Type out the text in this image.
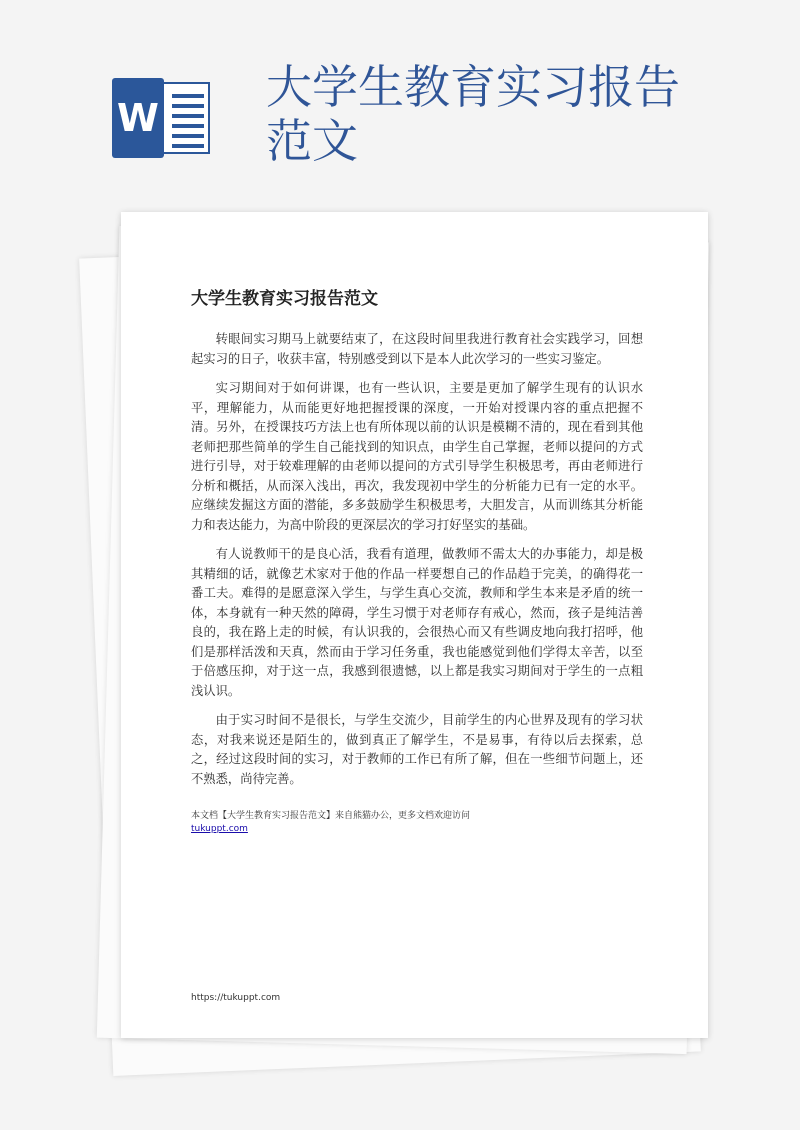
W
大学生教育实习报告范文
大学生教育实习报告范文

转眼间实习期马上就要结束了，在这段时间里我进行教育社会实践学习，回想起实习的日子，收获丰富，特别感受到以下是本人此次学习的一些实习鉴定。

实习期间对于如何讲课，也有一些认识，主要是更加了解学生现有的认识水平，理解能力，从而能更好地把握授课的深度，一开始对授课内容的重点把握不清。另外，在授课技巧方法上也有所体现以前的认识是模糊不清的，现在看到其他老师把那些简单的学生自己能找到的知识点，由学生自己掌握，老师以提问的方式进行引导，对于较难理解的由老师以提问的方式引导学生积极思考，再由老师进行分析和概括，从而深入浅出，再次，我发现初中学生的分析能力已有一定的水平。应继续发掘这方面的潜能，多多鼓励学生积极思考，大胆发言，从而训练其分析能力和表达能力，为高中阶段的更深层次的学习打好坚实的基础。

有人说教师干的是良心活，我看有道理，做教师不需太大的办事能力，却是极其精细的话，就像艺术家对于他的作品一样要想自己的作品趋于完美，的确得花一番工夫。难得的是愿意深入学生，与学生真心交流，教师和学生本来是矛盾的统一体，本身就有一种天然的障碍，学生习惯于对老师存有戒心，然而，孩子是纯洁善良的，我在路上走的时候，有认识我的，会很热心而又有些调皮地向我打招呼，他们是那样活泼和天真，然而由于学习任务重，我也能感觉到他们学得太辛苦，以至于倍感压抑，对于这一点，我感到很遗憾，以上都是我实习期间对于学生的一点粗浅认识。

由于实习时间不是很长，与学生交流少，目前学生的内心世界及现有的学习状态，对我来说还是陌生的，做到真正了解学生，不是易事，有待以后去探索，总之，经过这段时间的实习，对于教师的工作已有所了解，但在一些细节问题上，还不熟悉，尚待完善。

本文档【大学生教育实习报告范文】来自熊猫办公，更多文档欢迎访问
tukuppt.com
https://tukuppt.com
